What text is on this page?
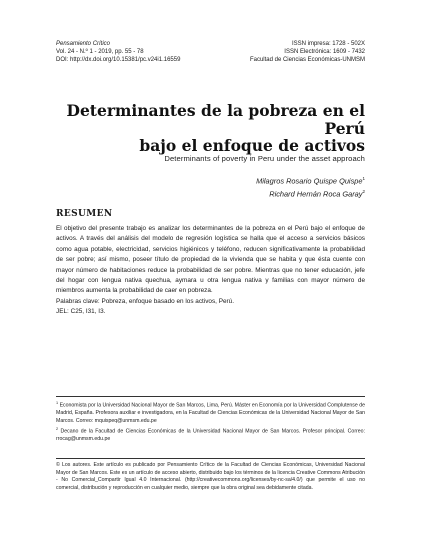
Pensamiento Crítico
Vol. 24 - N.º 1 - 2019, pp. 55 - 78
DOI: http://dx.doi.org/10.15381/pc.v24i1.16559
ISSN impresa: 1728 - 502X
ISSN Electrónica: 1609 - 7432
Facultad de Ciencias Económicas-UNMSM
Determinantes de la pobreza en el Perú
bajo el enfoque de activos
Determinants of poverty in Peru under the asset approach
Milagros Rosario Quispe Quispe$^1$
Richard Hernán Roca Garay$^2$
RESUMEN

El objetivo del presente trabajo es analizar los determinantes de la pobreza en el Perú bajo el enfoque de activos. A través del análisis del modelo de regresión logística se halla que el acceso a servicios básicos como agua potable, electricidad, servicios higiénicos y teléfono, reducen significativamente la probabilidad de ser pobre; así mismo, poseer título de propiedad de la vivienda que se habita y que ésta cuente con mayor número de habitaciones reduce la probabilidad de ser pobre. Mientras que no tener educación, jefe del hogar con lengua nativa quechua, aymara u otra lengua nativa y familias con mayor número de miembros aumenta la probabilidad de caer en pobreza.

Palabras clave: Pobreza, enfoque basado en los activos, Perú.

JEL: C25, I31, I3.

$^1$ Economista por la Universidad Nacional Mayor de San Marcos, Lima, Perú. Máster en Economía por la Universidad Complutense de Madrid, España. Profesora auxiliar e investigadora, en la Facultad de Ciencias Económicas de la Universidad Nacional Mayor de San Marcos. Correo: mquispeq@unmsm.edu.pe

$^2$ Decano de la Facultad de Ciencias Económicas de la Universidad Nacional Mayor de San Marcos. Profesor principal. Correo: rrocag@unmsm.edu.pe

© Los autores. Este artículo es publicado por Pensamiento Crítico de la Facultad de Ciencias Económicas, Universidad Nacional Mayor de San Marcos. Este es un artículo de acceso abierto, distribuido bajo los términos de la licencia Creative Commons Atribución - No Comercial_Compartir Igual 4.0 Internacional. (http://creativecommons.org/licenses/by-nc-sa/4.0/) que permite el uso no comercial, distribución y reproducción en cualquier medio, siempre que la obra original sea debidamente citada.
